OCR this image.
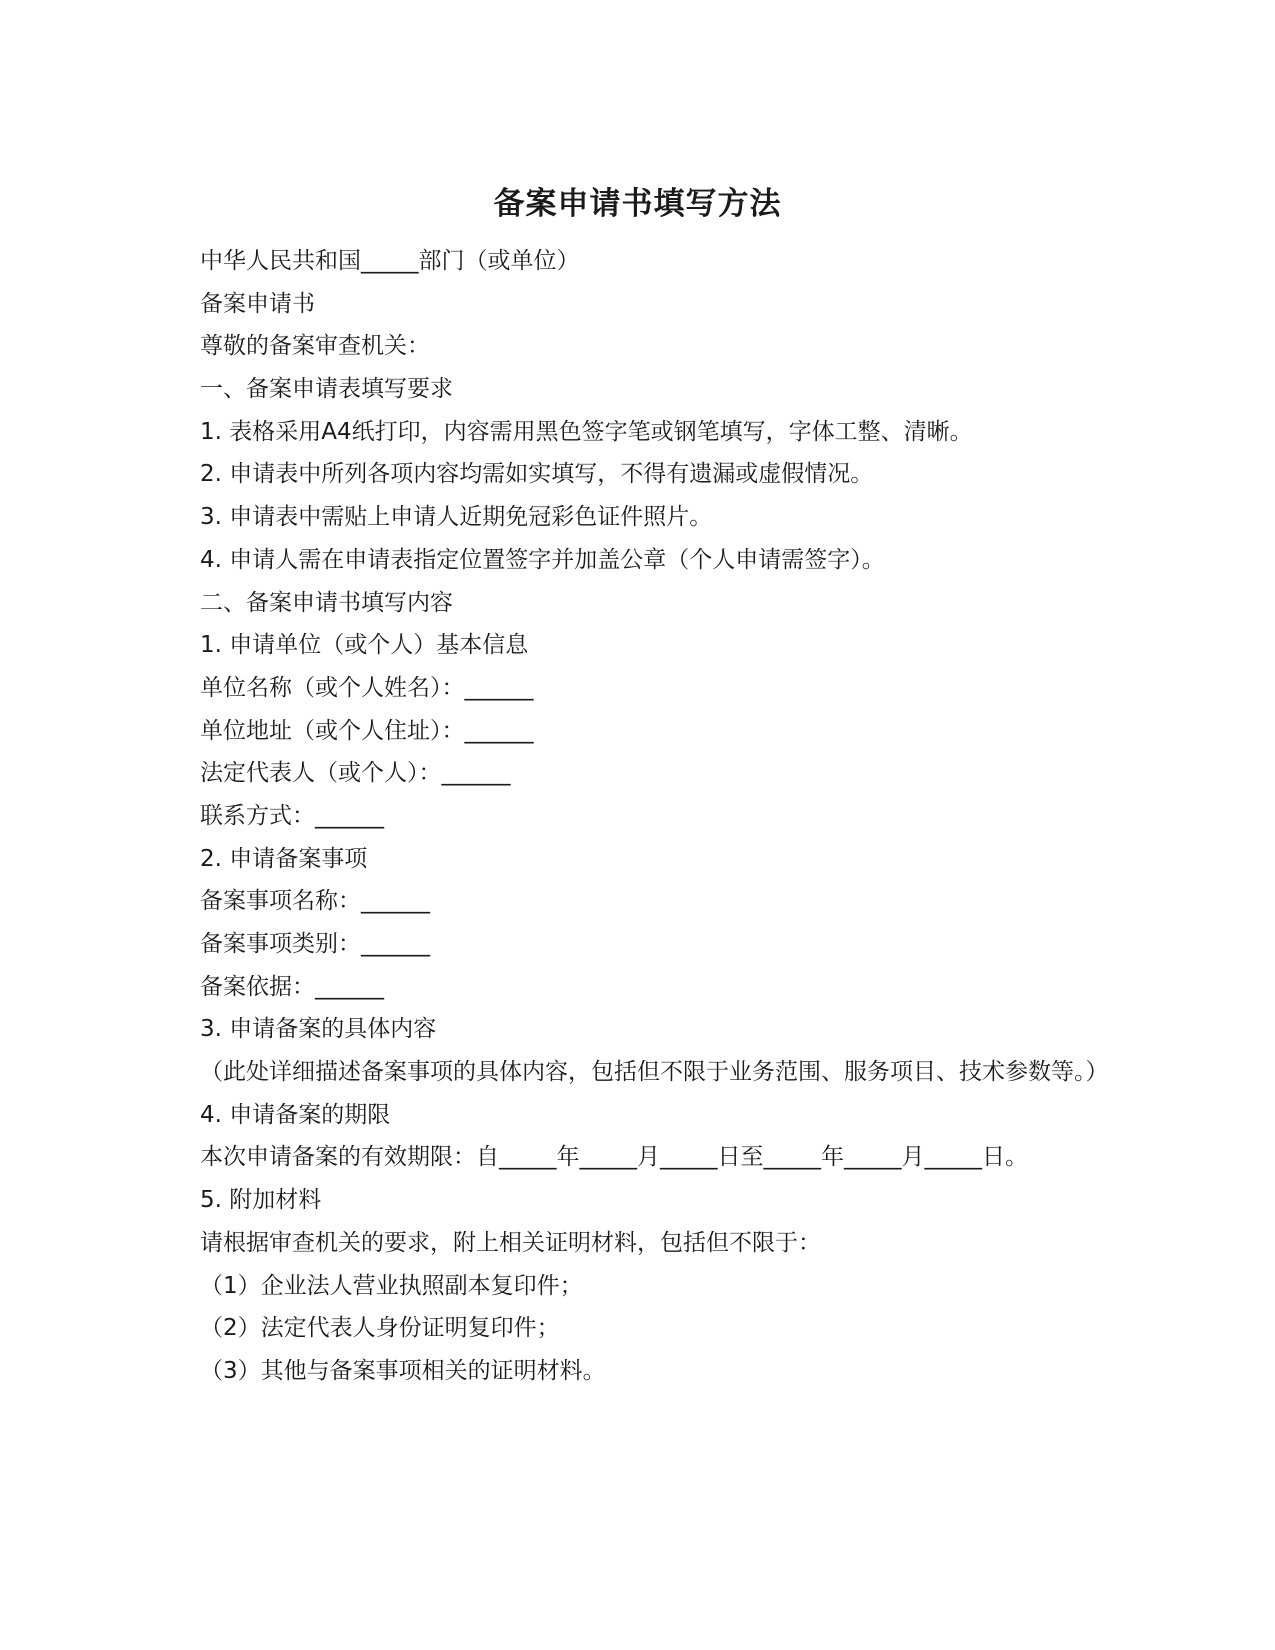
备案申请书填写方法
中华人民共和国_____部门（或单位）
备案申请书
尊敬的备案审查机关：
一、备案申请表填写要求
1. 表格采用A4纸打印，内容需用黑色签字笔或钢笔填写，字体工整、清晰。
2. 申请表中所列各项内容均需如实填写，不得有遗漏或虚假情况。
3. 申请表中需贴上申请人近期免冠彩色证件照片。
4. 申请人需在申请表指定位置签字并加盖公章（个人申请需签字）。
二、备案申请书填写内容
1. 申请单位（或个人）基本信息
单位名称（或个人姓名）：______
单位地址（或个人住址）：______
法定代表人（或个人）：______
联系方式：______
2. 申请备案事项
备案事项名称：______
备案事项类别：______
备案依据：______
3. 申请备案的具体内容
（此处详细描述备案事项的具体内容，包括但不限于业务范围、服务项目、技术参数等。）
4. 申请备案的期限
本次申请备案的有效期限：自_____年_____月_____日至_____年_____月_____日。
5. 附加材料
请根据审查机关的要求，附上相关证明材料，包括但不限于：
（1）企业法人营业执照副本复印件；
（2）法定代表人身份证明复印件；
（3）其他与备案事项相关的证明材料。
